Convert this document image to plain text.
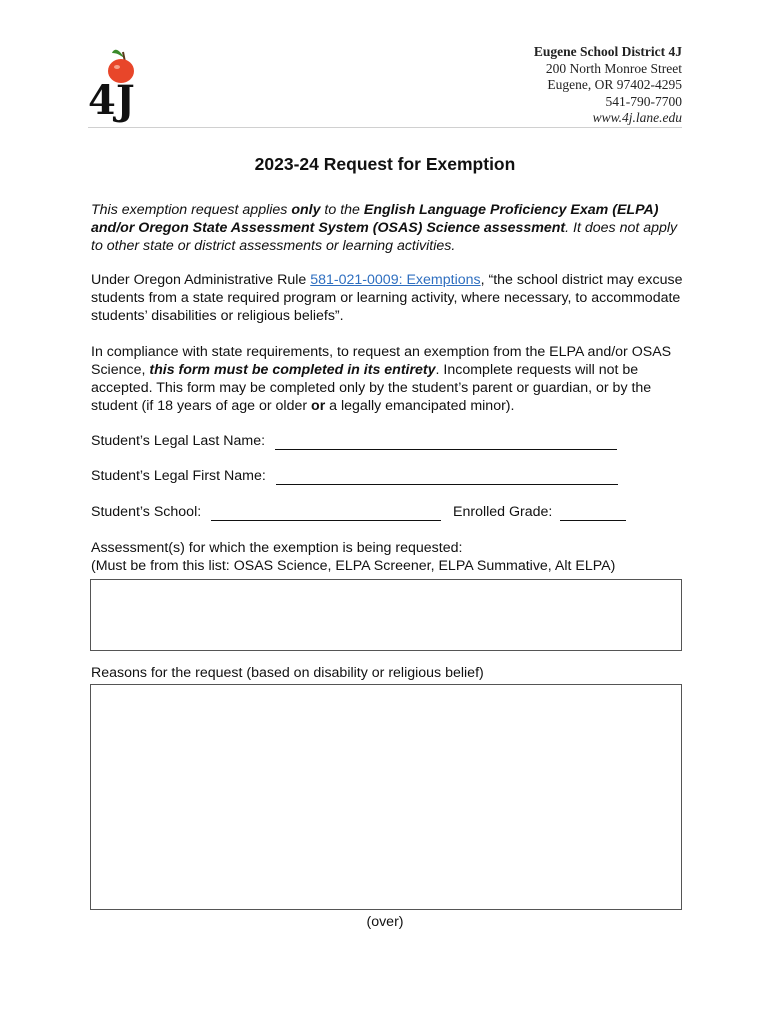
4J
Eugene School District 4J
200 North Monroe Street
Eugene, OR 97402-4295
541-790-7700
www.4j.lane.edu
2023-24 Request for Exemption
This exemption request applies only to the English Language Proficiency Exam (ELPA) and/or Oregon State Assessment System (OSAS) Science assessment. It does not apply to other state or district assessments or learning activities.
Under Oregon Administrative Rule 581-021-0009: Exemptions, “the school district may excuse students from a state required program or learning activity, where necessary, to accommodate students’ disabilities or religious beliefs”.
In compliance with state requirements, to request an exemption from the ELPA and/or OSAS Science, this form must be completed in its entirety. Incomplete requests will not be accepted. This form may be completed only by the student’s parent or guardian, or by the student (if 18 years of age or older or a legally emancipated minor).
Student’s Legal Last Name:
Student’s Legal First Name:
Student’s School:	Enrolled Grade:
Assessment(s) for which the exemption is being requested:
(Must be from this list: OSAS Science, ELPA Screener, ELPA Summative, Alt ELPA)
Reasons for the request (based on disability or religious belief)
(over)
